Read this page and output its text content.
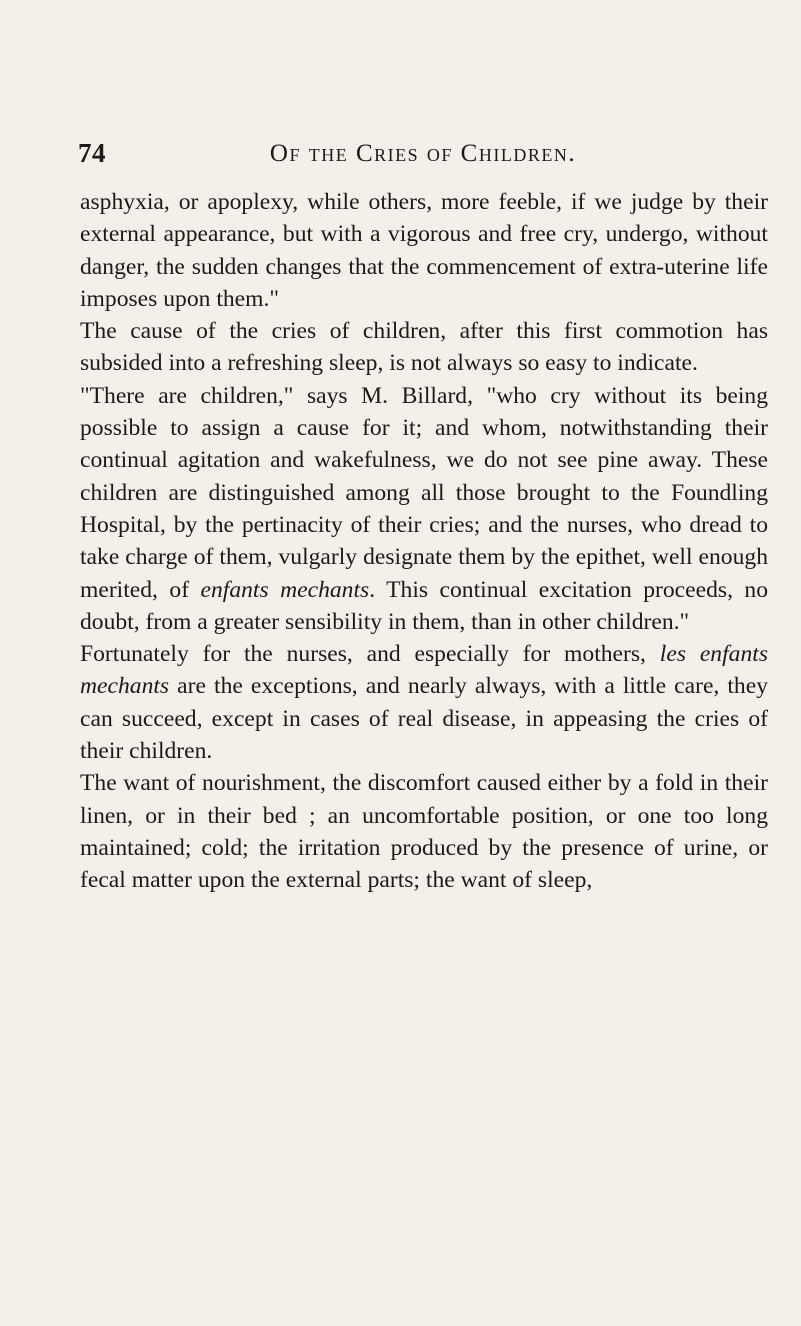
74	Of the Cries of Children.

asphyxia, or apoplexy, while others, more feeble, if we judge by their external appearance, but with a vigorous and free cry, undergo, without danger, the sudden changes that the commencement of extra-uterine life imposes upon them."

The cause of the cries of children, after this first commotion has subsided into a refreshing sleep, is not always so easy to indicate.

"There are children," says M. Billard, "who cry without its being possible to assign a cause for it; and whom, notwithstanding their continual agitation and wakefulness, we do not see pine away. These children are distinguished among all those brought to the Foundling Hospital, by the pertinacity of their cries; and the nurses, who dread to take charge of them, vulgarly designate them by the epithet, well enough merited, of enfants mechants. This continual excitation proceeds, no doubt, from a greater sensibility in them, than in other children."

Fortunately for the nurses, and especially for mothers, les enfants mechants are the exceptions, and nearly always, with a little care, they can succeed, except in cases of real disease, in appeasing the cries of their children.

The want of nourishment, the discomfort caused either by a fold in their linen, or in their bed ; an uncomfortable position, or one too long maintained; cold; the irritation produced by the presence of urine, or fecal matter upon the external parts; the want of sleep,
